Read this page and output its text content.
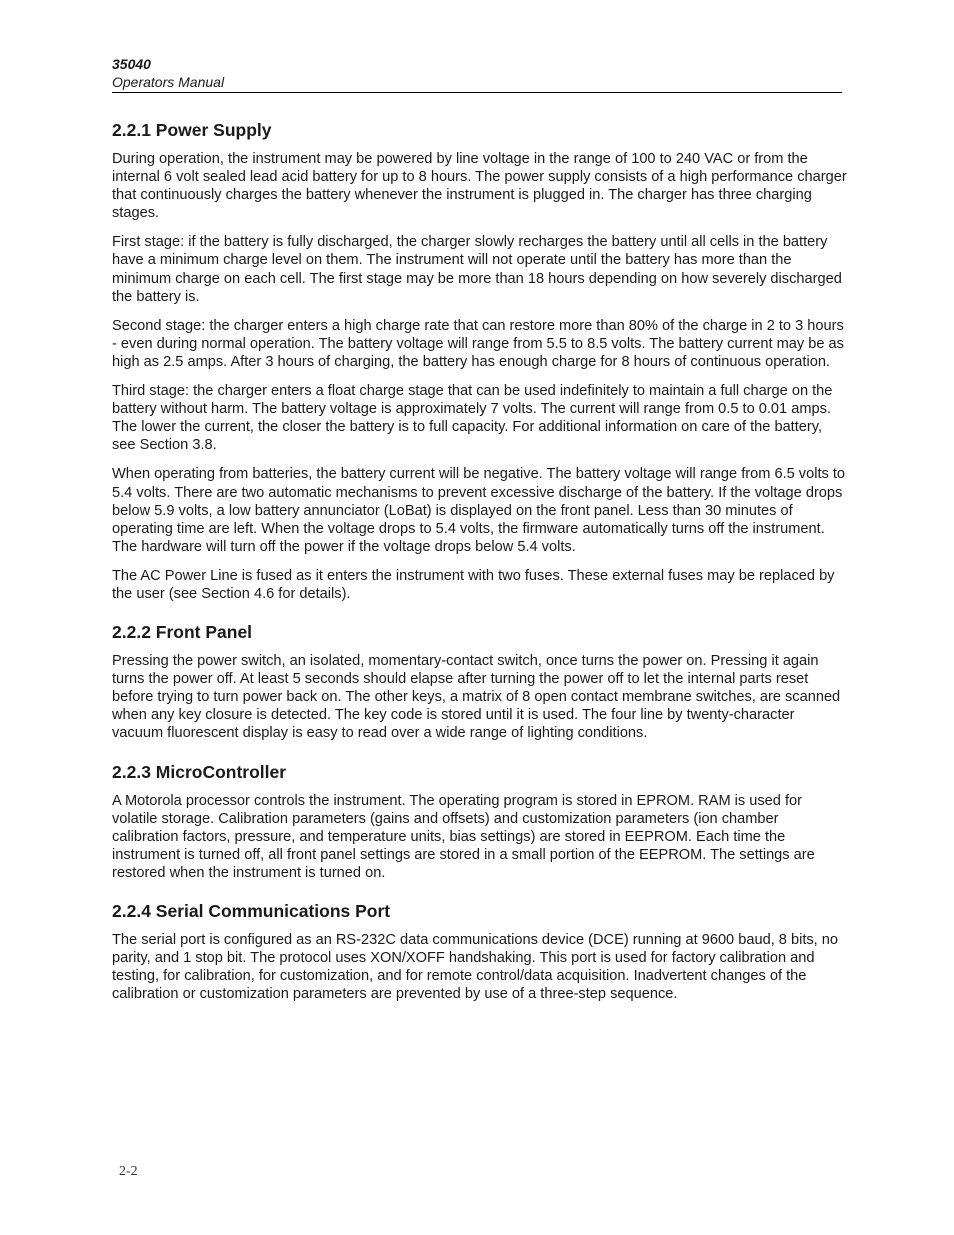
35040
Operators Manual
2.2.1 Power Supply

During operation, the instrument may be powered by line voltage in the range of 100 to 240 VAC or from the internal 6 volt sealed lead acid battery for up to 8 hours. The power supply consists of a high performance charger that continuously charges the battery whenever the instrument is plugged in. The charger has three charging stages.

First stage: if the battery is fully discharged, the charger slowly recharges the battery until all cells in the battery have a minimum charge level on them. The instrument will not operate until the battery has more than the minimum charge on each cell. The first stage may be more than 18 hours depending on how severely discharged the battery is.

Second stage: the charger enters a high charge rate that can restore more than 80% of the charge in 2 to 3 hours - even during normal operation. The battery voltage will range from 5.5 to 8.5 volts. The battery current may be as high as 2.5 amps. After 3 hours of charging, the battery has enough charge for 8 hours of continuous operation.

Third stage: the charger enters a float charge stage that can be used indefinitely to maintain a full charge on the battery without harm. The battery voltage is approximately 7 volts. The current will range from 0.5 to 0.01 amps. The lower the current, the closer the battery is to full capacity. For additional information on care of the battery, see Section 3.8.

When operating from batteries, the battery current will be negative. The battery voltage will range from 6.5 volts to 5.4 volts. There are two automatic mechanisms to prevent excessive discharge of the battery. If the voltage drops below 5.9 volts, a low battery annunciator (LoBat) is displayed on the front panel. Less than 30 minutes of operating time are left. When the voltage drops to 5.4 volts, the firmware automatically turns off the instrument. The hardware will turn off the power if the voltage drops below 5.4 volts.

The AC Power Line is fused as it enters the instrument with two fuses. These external fuses may be replaced by the user (see Section 4.6 for details).

2.2.2 Front Panel

Pressing the power switch, an isolated, momentary-contact switch, once turns the power on. Pressing it again turns the power off. At least 5 seconds should elapse after turning the power off to let the internal parts reset before trying to turn power back on. The other keys, a matrix of 8 open contact membrane switches, are scanned when any key closure is detected. The key code is stored until it is used. The four line by twenty-character vacuum fluorescent display is easy to read over a wide range of lighting conditions.

2.2.3 MicroController

A Motorola processor controls the instrument. The operating program is stored in EPROM. RAM is used for volatile storage. Calibration parameters (gains and offsets) and customization parameters (ion chamber calibration factors, pressure, and temperature units, bias settings) are stored in EEPROM. Each time the instrument is turned off, all front panel settings are stored in a small portion of the EEPROM. The settings are restored when the instrument is turned on.

2.2.4 Serial Communications Port

The serial port is configured as an RS-232C data communications device (DCE) running at 9600 baud, 8 bits, no parity, and 1 stop bit. The protocol uses XON/XOFF handshaking. This port is used for factory calibration and testing, for calibration, for customization, and for remote control/data acquisition. Inadvertent changes of the calibration or customization parameters are prevented by use of a three-step sequence.

2-2
